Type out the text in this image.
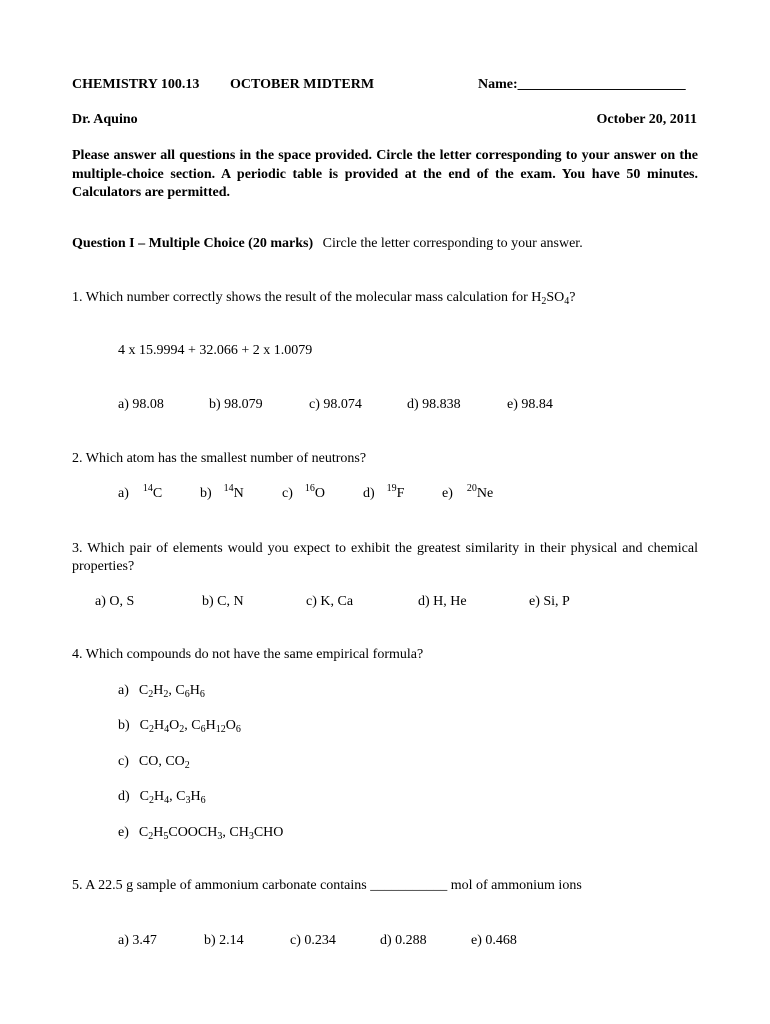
CHEMISTRY 100.13 OCTOBER MIDTERM	Name:________________________
Dr. Aquino	October 20, 2011
Please answer all questions in the space provided. Circle the letter corresponding to your answer on the multiple-choice section. A periodic table is provided at the end of the exam. You have 50 minutes. Calculators are permitted.
Question I – Multiple Choice (20 marks) Circle the letter corresponding to your answer.
1. Which number correctly shows the result of the molecular mass calculation for $H_2SO_4$?
4 x 15.9994 + 32.066 + 2 x 1.0079
a) 98.08	b) 98.079	c) 98.074	d) 98.838	e) 98.84
2. Which atom has the smallest number of neutrons?
a) $^{14}$C	b) $^{14}$N	c) $^{16}$O	d) $^{19}$F	e) $^{20}$Ne
3. Which pair of elements would you expect to exhibit the greatest similarity in their physical and chemical properties?
a) O, S	b) C, N	c) K, Ca	d) H, He	e) Si, P
4. Which compounds do not have the same empirical formula?
a) $C_2H_2$, $C_6H_6$
b) $C_2H_4O_2$, $C_6H_{12}O_6$
c) CO, $CO_2$
d) $C_2H_4$, $C_3H_6$
e) $C_2H_5COOCH_3$, $CH_3CHO$
5. A 22.5 g sample of ammonium carbonate contains ___________ mol of ammonium ions
a) 3.47	b) 2.14	c) 0.234	d) 0.288	e) 0.468
